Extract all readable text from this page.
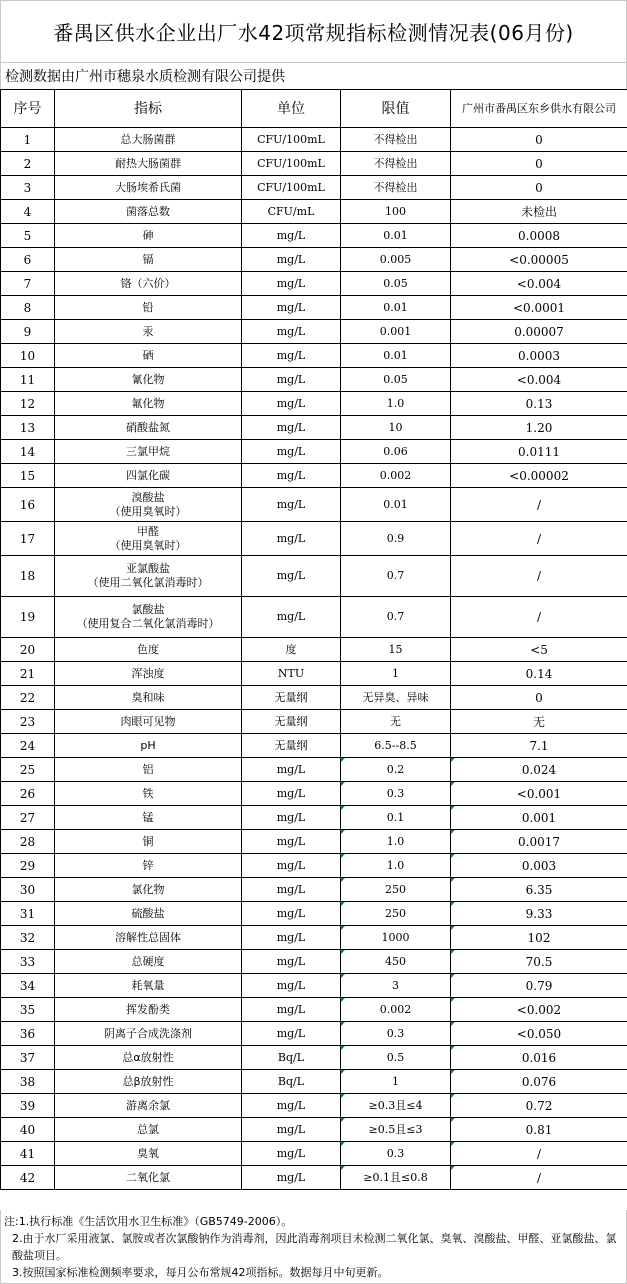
番禺区供水企业出厂水42项常规指标检测情况表(06月份)
检测数据由广州市穗泉水质检测有限公司提供
序号	指标	单位	限值	广州市番禺区东乡供水有限公司
1	总大肠菌群	CFU/100mL	不得检出	0
2	耐热大肠菌群	CFU/100mL	不得检出	0
3	大肠埃希氏菌	CFU/100mL	不得检出	0
4	菌落总数	CFU/mL	100	未检出
5	砷	mg/L	0.01	0.0008
6	镉	mg/L	0.005	<0.00005
7	铬（六价）	mg/L	0.05	<0.004
8	铅	mg/L	0.01	<0.0001
9	汞	mg/L	0.001	0.00007
10	硒	mg/L	0.01	0.0003
11	氰化物	mg/L	0.05	<0.004
12	氟化物	mg/L	1.0	0.13
13	硝酸盐氮	mg/L	10	1.20
14	三氯甲烷	mg/L	0.06	0.0111
15	四氯化碳	mg/L	0.002	<0.00002
16	溴酸盐
（使用臭氧时）	mg/L	0.01	/
17	甲醛
（使用臭氧时）	mg/L	0.9	/
18	亚氯酸盐
（使用二氧化氯消毒时）	mg/L	0.7	/
19	氯酸盐
（使用复合二氧化氯消毒时）	mg/L	0.7	/
20	色度	度	15	<5
21	浑浊度	NTU	1	0.14
22	臭和味	无量纲	无异臭、异味	0
23	肉眼可见物	无量纲	无	无
24	pH	无量纲	6.5--8.5	7.1
25	铝	mg/L	0.2	0.024
26	铁	mg/L	0.3	<0.001
27	锰	mg/L	0.1	0.001
28	铜	mg/L	1.0	0.0017
29	锌	mg/L	1.0	0.003
30	氯化物	mg/L	250	6.35
31	硫酸盐	mg/L	250	9.33
32	溶解性总固体	mg/L	1000	102
33	总硬度	mg/L	450	70.5
34	耗氧量	mg/L	3	0.79
35	挥发酚类	mg/L	0.002	<0.002
36	阴离子合成洗涤剂	mg/L	0.3	<0.050
37	总α放射性	Bq/L	0.5	0.016
38	总β放射性	Bq/L	1	0.076
39	游离余氯	mg/L	≥0.3且≤4	0.72
40	总氯	mg/L	≥0.5且≤3	0.81
41	臭氧	mg/L	0.3	/
42	二氧化氯	mg/L	≥0.1且≤0.8	/
注:1.执行标准《生活饮用水卫生标准》（GB5749-2006）。
2.由于水厂采用液氯、氯胺或者次氯酸钠作为消毒剂，因此消毒剂项目未检测二氧化氯、臭氧、溴酸盐、甲醛、亚氯酸盐、氯酸盐项目。
3.按照国家标准检测频率要求，每月公布常规42项指标。数据每月中旬更新。
